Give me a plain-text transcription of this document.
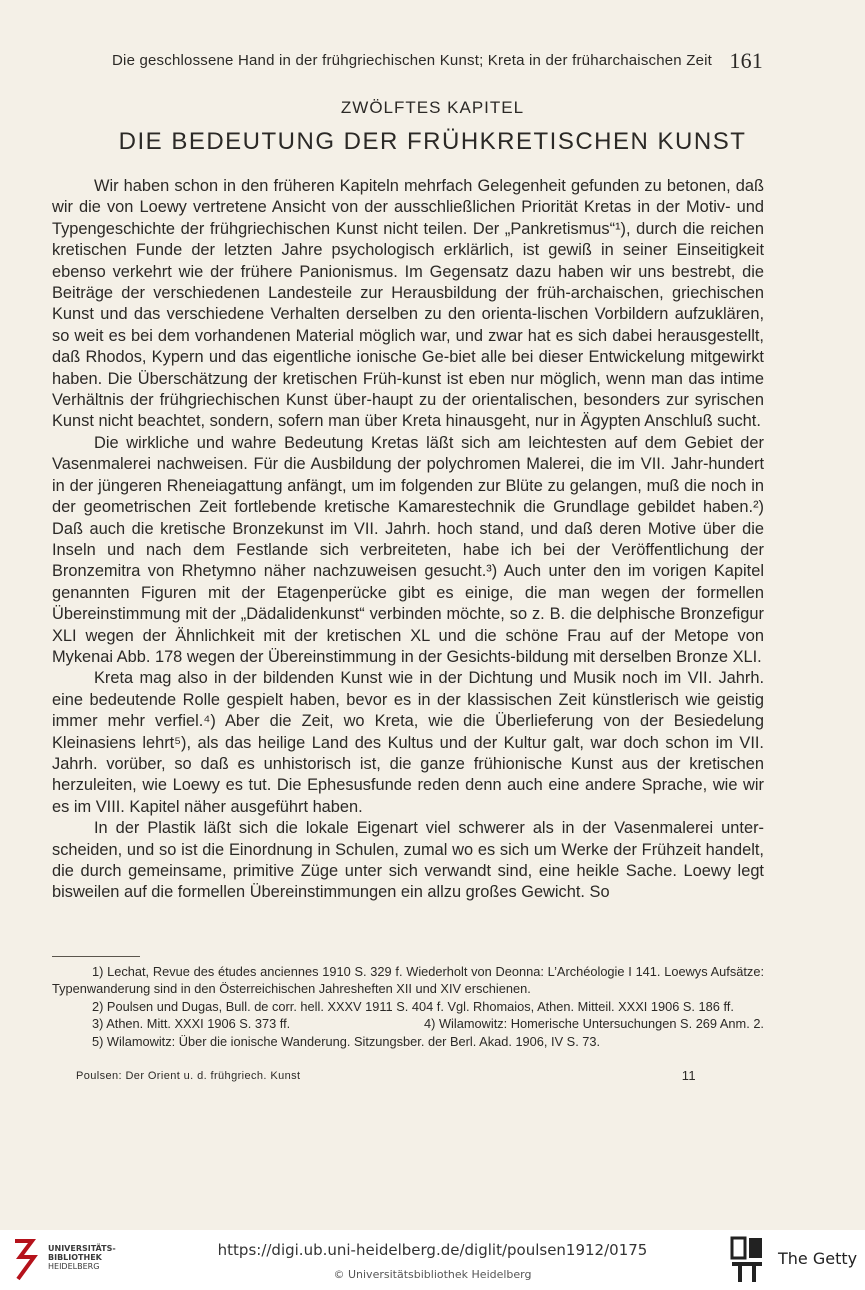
Die geschlossene Hand in der frühgriechischen Kunst; Kreta in der früharchaischen Zeit 161
ZWÖLFTES KAPITEL
DIE BEDEUTUNG DER FRÜHKRETISCHEN KUNST

Wir haben schon in den früheren Kapiteln mehrfach Gelegenheit gefunden zu betonen, daß wir die von Loewy vertretene Ansicht von der ausschließlichen Priorität Kretas in der Motiv- und Typengeschichte der frühgriechischen Kunst nicht teilen. Der „Pankretismus“¹), durch die reichen kretischen Funde der letzten Jahre psychologisch erklärlich, ist gewiß in seiner Einseitigkeit ebenso verkehrt wie der frühere Panionismus. Im Gegensatz dazu haben wir uns bestrebt, die Beiträge der verschiedenen Landesteile zur Herausbildung der früh-archaischen, griechischen Kunst und das verschiedene Verhalten derselben zu den orienta-lischen Vorbildern aufzuklären, so weit es bei dem vorhandenen Material möglich war, und zwar hat es sich dabei herausgestellt, daß Rhodos, Kypern und das eigentliche ionische Ge-biet alle bei dieser Entwickelung mitgewirkt haben. Die Überschätzung der kretischen Früh-kunst ist eben nur möglich, wenn man das intime Verhältnis der frühgriechischen Kunst über-haupt zu der orientalischen, besonders zur syrischen Kunst nicht beachtet, sondern, sofern man über Kreta hinausgeht, nur in Ägypten Anschluß sucht.

Die wirkliche und wahre Bedeutung Kretas läßt sich am leichtesten auf dem Gebiet der Vasenmalerei nachweisen. Für die Ausbildung der polychromen Malerei, die im VII. Jahr-hundert in der jüngeren Rheneiagattung anfängt, um im folgenden zur Blüte zu gelangen, muß die noch in der geometrischen Zeit fortlebende kretische Kamarestechnik die Grundlage gebildet haben.²) Daß auch die kretische Bronzekunst im VII. Jahrh. hoch stand, und daß deren Motive über die Inseln und nach dem Festlande sich verbreiteten, habe ich bei der Veröffentlichung der Bronzemitra von Rhetymno näher nachzuweisen gesucht.³) Auch unter den im vorigen Kapitel genannten Figuren mit der Etagenperücke gibt es einige, die man wegen der formellen Übereinstimmung mit der „Dädalidenkunst“ verbinden möchte, so z. B. die delphische Bronzefigur XLI wegen der Ähnlichkeit mit der kretischen XL und die schöne Frau auf der Metope von Mykenai Abb. 178 wegen der Übereinstimmung in der Gesichts-bildung mit derselben Bronze XLI.

Kreta mag also in der bildenden Kunst wie in der Dichtung und Musik noch im VII. Jahrh. eine bedeutende Rolle gespielt haben, bevor es in der klassischen Zeit künstlerisch wie geistig immer mehr verfiel.⁴) Aber die Zeit, wo Kreta, wie die Überlieferung von der Besiedelung Kleinasiens lehrt⁵), als das heilige Land des Kultus und der Kultur galt, war doch schon im VII. Jahrh. vorüber, so daß es unhistorisch ist, die ganze frühionische Kunst aus der kretischen herzuleiten, wie Loewy es tut. Die Ephesusfunde reden denn auch eine andere Sprache, wie wir es im VIII. Kapitel näher ausgeführt haben.

In der Plastik läßt sich die lokale Eigenart viel schwerer als in der Vasenmalerei unter-scheiden, und so ist die Einordnung in Schulen, zumal wo es sich um Werke der Frühzeit handelt, die durch gemeinsame, primitive Züge unter sich verwandt sind, eine heikle Sache. Loewy legt bisweilen auf die formellen Übereinstimmungen ein allzu großes Gewicht. So

1) Lechat, Revue des études anciennes 1910 S. 329 f. Wiederholt von Deonna: L’Archéologie I 141. Loewys Aufsätze: Typenwanderung sind in den Österreichischen Jahresheften XII und XIV erschienen.

2) Poulsen und Dugas, Bull. de corr. hell. XXXV 1911 S. 404 f. Vgl. Rhomaios, Athen. Mitteil. XXXI 1906 S. 186 ff.

3) Athen. Mitt. XXXI 1906 S. 373 ff.	4) Wilamowitz: Homerische Untersuchungen S. 269 Anm. 2.

5) Wilamowitz: Über die ionische Wanderung. Sitzungsber. der Berl. Akad. 1906, IV S. 73.

Poulsen: Der Orient u. d. frühgriech. Kunst	11
UNIVERSITÄTS-
BIBLIOTHEK
HEIDELBERG
https://digi.ub.uni-heidelberg.de/diglit/poulsen1912/0175
© Universitätsbibliothek Heidelberg
The Getty
